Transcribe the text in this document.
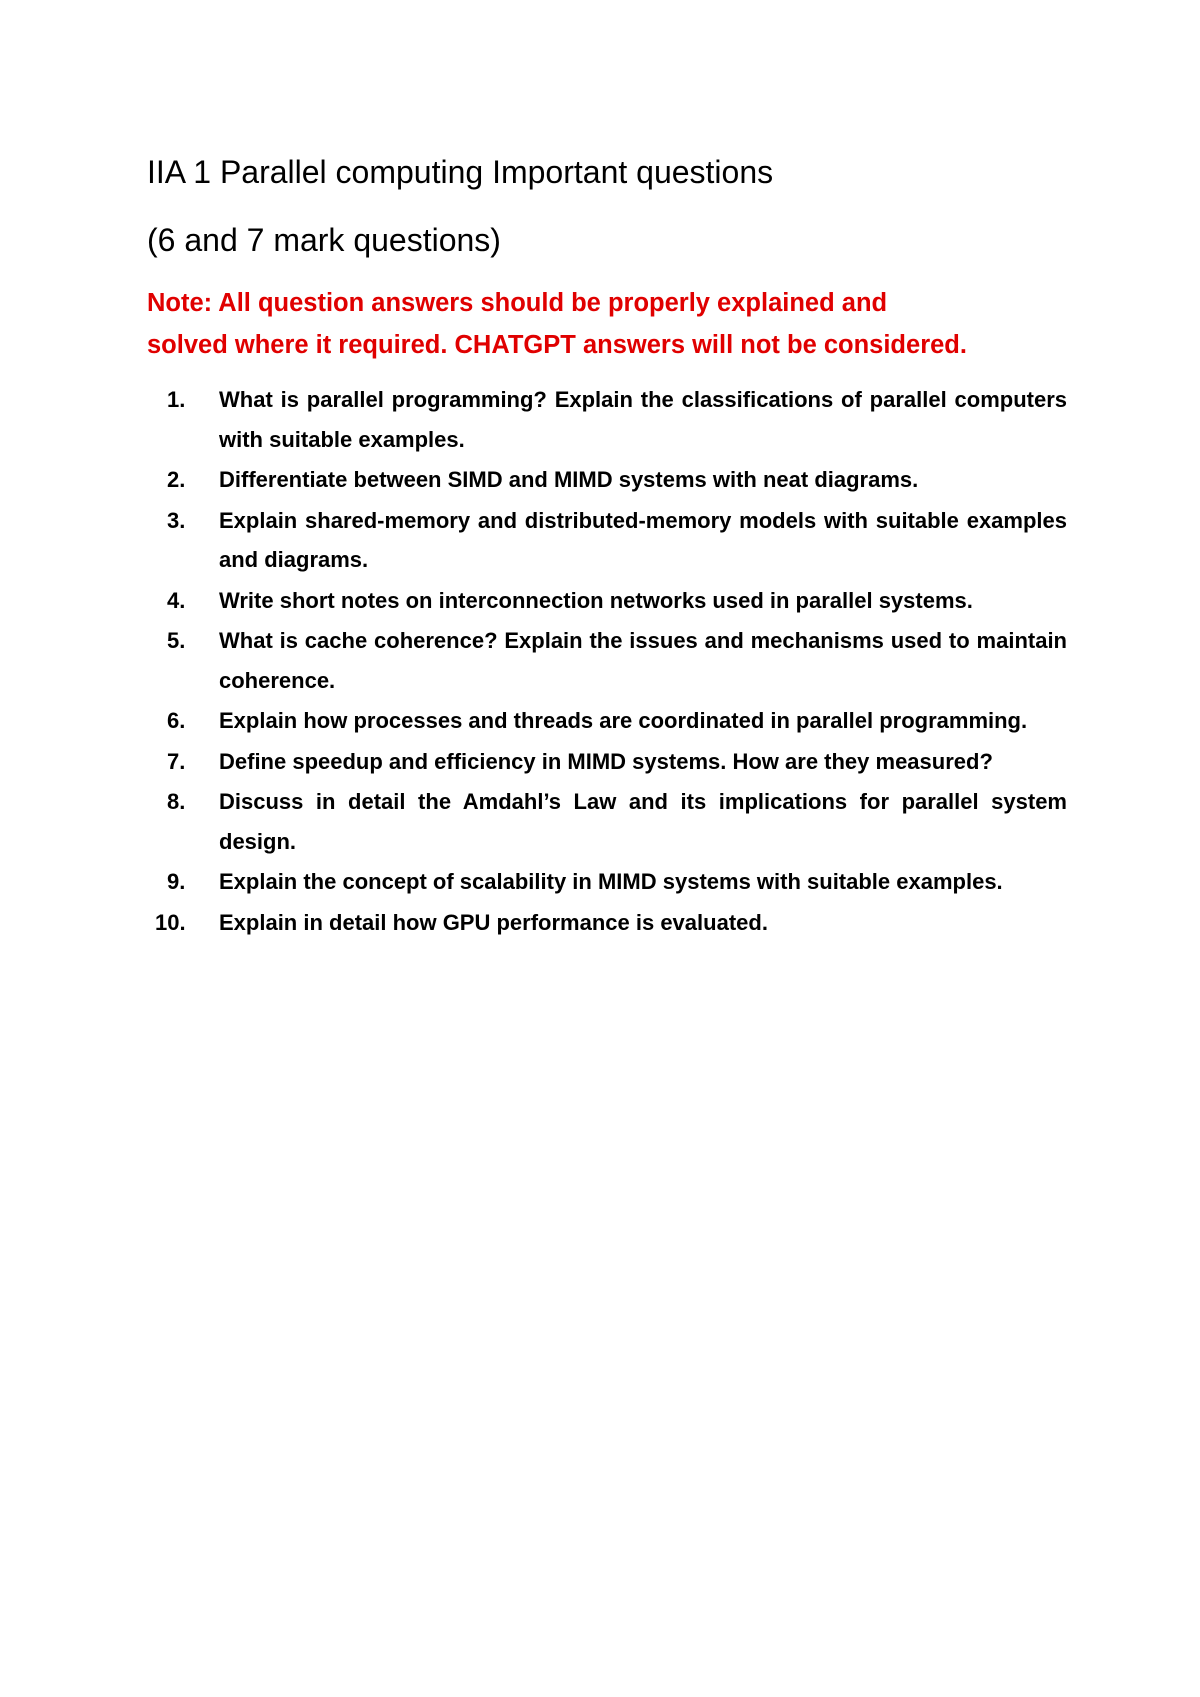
IIA 1 Parallel computing Important questions
(6 and 7 mark questions)
Note: All question answers should be properly explained and
solved where it required. CHATGPT answers will not be considered.
1.	What is parallel programming? Explain the classifications of parallel computers with suitable examples.
2.	Differentiate between SIMD and MIMD systems with neat diagrams.
3.	Explain shared-memory and distributed-memory models with suitable examples and diagrams.
4.	Write short notes on interconnection networks used in parallel systems.
5.	What is cache coherence? Explain the issues and mechanisms used to maintain coherence.
6.	Explain how processes and threads are coordinated in parallel programming.
7.	Define speedup and efficiency in MIMD systems. How are they measured?
8.	Discuss in detail the Amdahl’s Law and its implications for parallel system design.
9.	Explain the concept of scalability in MIMD systems with suitable examples.
10.	Explain in detail how GPU performance is evaluated.
